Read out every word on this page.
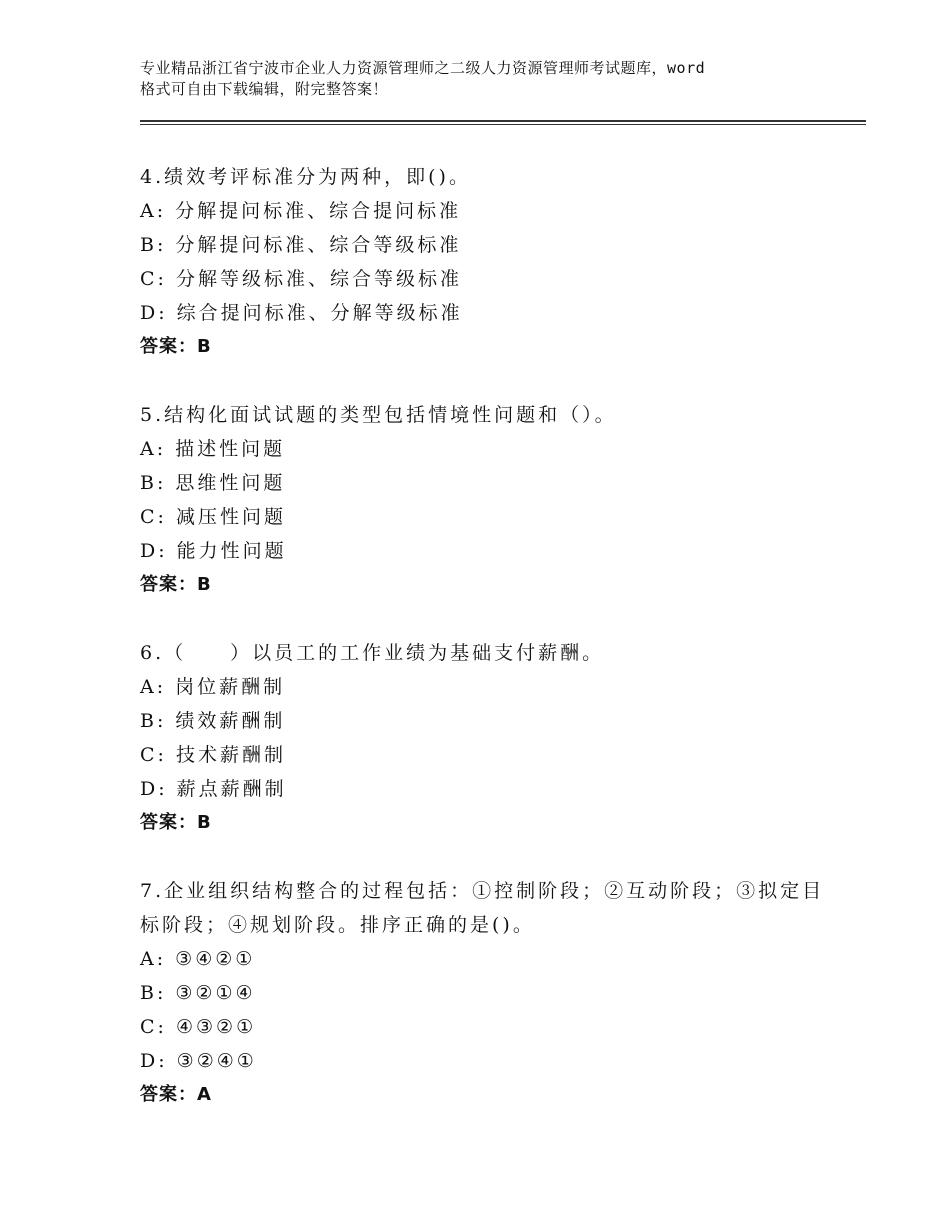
专业精品浙江省宁波市企业人力资源管理师之二级人力资源管理师考试题库，word
格式可自由下载编辑，附完整答案！
4.绩效考评标准分为两种，即()。
A: 分解提问标准、综合提问标准
B: 分解提问标准、综合等级标准
C: 分解等级标准、综合等级标准
D: 综合提问标准、分解等级标准
答案：B
5.结构化面试试题的类型包括情境性问题和（）。
A: 描述性问题
B: 思维性问题
C: 减压性问题
D: 能力性问题
答案：B
6.（　　）以员工的工作业绩为基础支付薪酬。
A: 岗位薪酬制
B: 绩效薪酬制
C: 技术薪酬制
D: 薪点薪酬制
答案：B
7.企业组织结构整合的过程包括：①控制阶段；②互动阶段；③拟定目标阶段；④规划阶段。排序正确的是()。
A: ③④②①
B: ③②①④
C: ④③②①
D: ③②④①
答案：A
